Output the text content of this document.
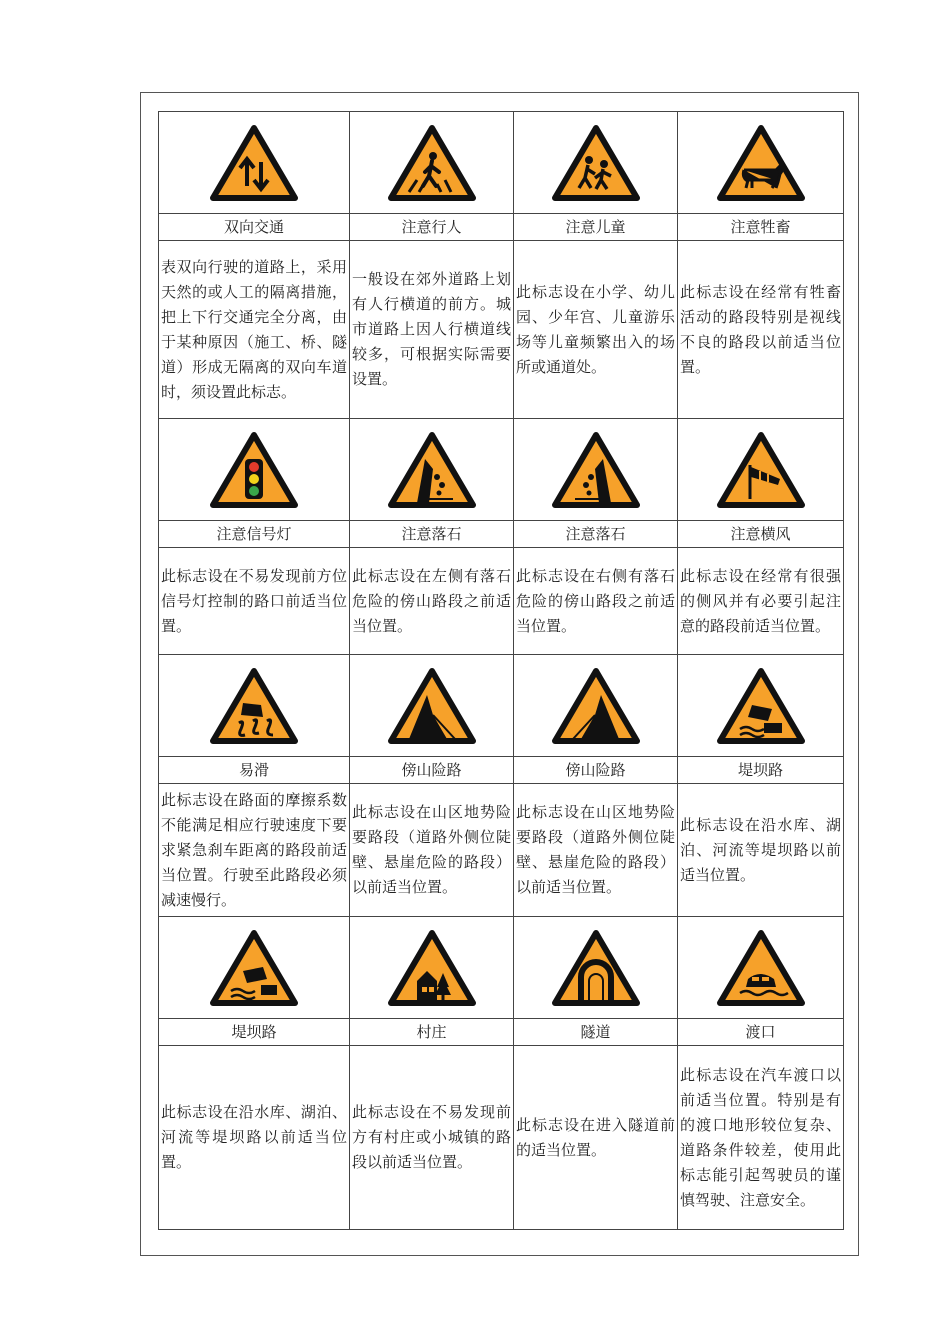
双向交通	注意行人	注意儿童	注意牲畜
表双向行驶的道路上，采用天然的或人工的隔离措施，把上下行交通完全分离，由于某种原因（施工、桥、隧道）形成无隔离的双向车道时，须设置此标志。	一般设在郊外道路上划有人行横道的前方。城市道路上因人行横道线较多，可根据实际需要设置。	此标志设在小学、幼儿园、少年宫、儿童游乐场等儿童频繁出入的场所或通道处。	此标志设在经常有牲畜活动的路段特别是视线不良的路段以前适当位置。

注意信号灯	注意落石	注意落石	注意横风
此标志设在不易发现前方位信号灯控制的路口前适当位置。	此标志设在左侧有落石危险的傍山路段之前适当位置。	此标志设在右侧有落石危险的傍山路段之前适当位置。	此标志设在经常有很强的侧风并有必要引起注意的路段前适当位置。

易滑	傍山险路	傍山险路	堤坝路
此标志设在路面的摩擦系数不能满足相应行驶速度下要求紧急刹车距离的路段前适当位置。行驶至此路段必须减速慢行。	此标志设在山区地势险要路段（道路外侧位陡壁、悬崖危险的路段）以前适当位置。	此标志设在山区地势险要路段（道路外侧位陡壁、悬崖危险的路段）以前适当位置。	此标志设在沿水库、湖泊、河流等堤坝路以前适当位置。

堤坝路	村庄	隧道	渡口
此标志设在沿水库、湖泊、河流等堤坝路以前适当位置。	此标志设在不易发现前方有村庄或小城镇的路段以前适当位置。	此标志设在进入隧道前的适当位置。	此标志设在汽车渡口以前适当位置。特别是有的渡口地形较位复杂、道路条件较差，使用此标志能引起驾驶员的谨慎驾驶、注意安全。
